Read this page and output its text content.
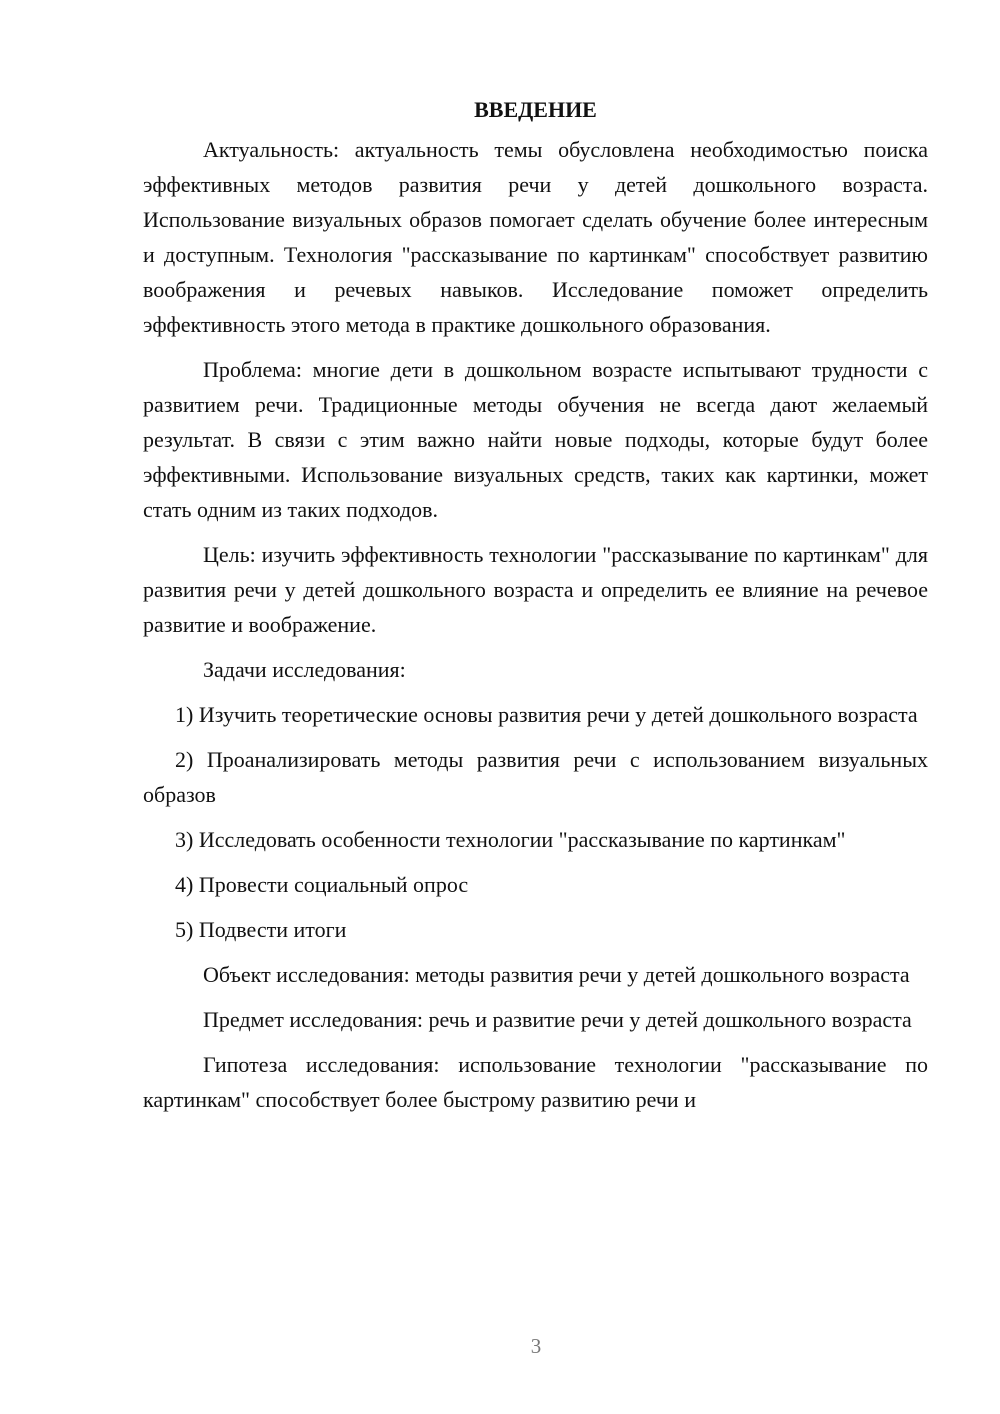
ВВЕДЕНИЕ

Актуальность: актуальность темы обусловлена необходимостью поиска эффективных методов развития речи у детей дошкольного возраста. Использование визуальных образов помогает сделать обучение более интересным и доступным. Технология "рассказывание по картинкам" способствует развитию воображения и речевых навыков. Исследование поможет определить эффективность этого метода в практике дошкольного образования.

Проблема: многие дети в дошкольном возрасте испытывают трудности с развитием речи. Традиционные методы обучения не всегда дают желаемый результат. В связи с этим важно найти новые подходы, которые будут более эффективными. Использование визуальных средств, таких как картинки, может стать одним из таких подходов.

Цель: изучить эффективность технологии "рассказывание по картинкам" для развития речи у детей дошкольного возраста и определить ее влияние на речевое развитие и воображение.

Задачи исследования:

1) Изучить теоретические основы развития речи у детей дошкольного возраста

2) Проанализировать методы развития речи с использованием визуальных образов

3) Исследовать особенности технологии "рассказывание по картинкам"

4) Провести социальный опрос

5) Подвести итоги

Объект исследования: методы развития речи у детей дошкольного возраста

Предмет исследования: речь и развитие речи у детей дошкольного возраста

Гипотеза исследования: использование технологии "рассказывание по картинкам" способствует более быстрому развитию речи и

3
